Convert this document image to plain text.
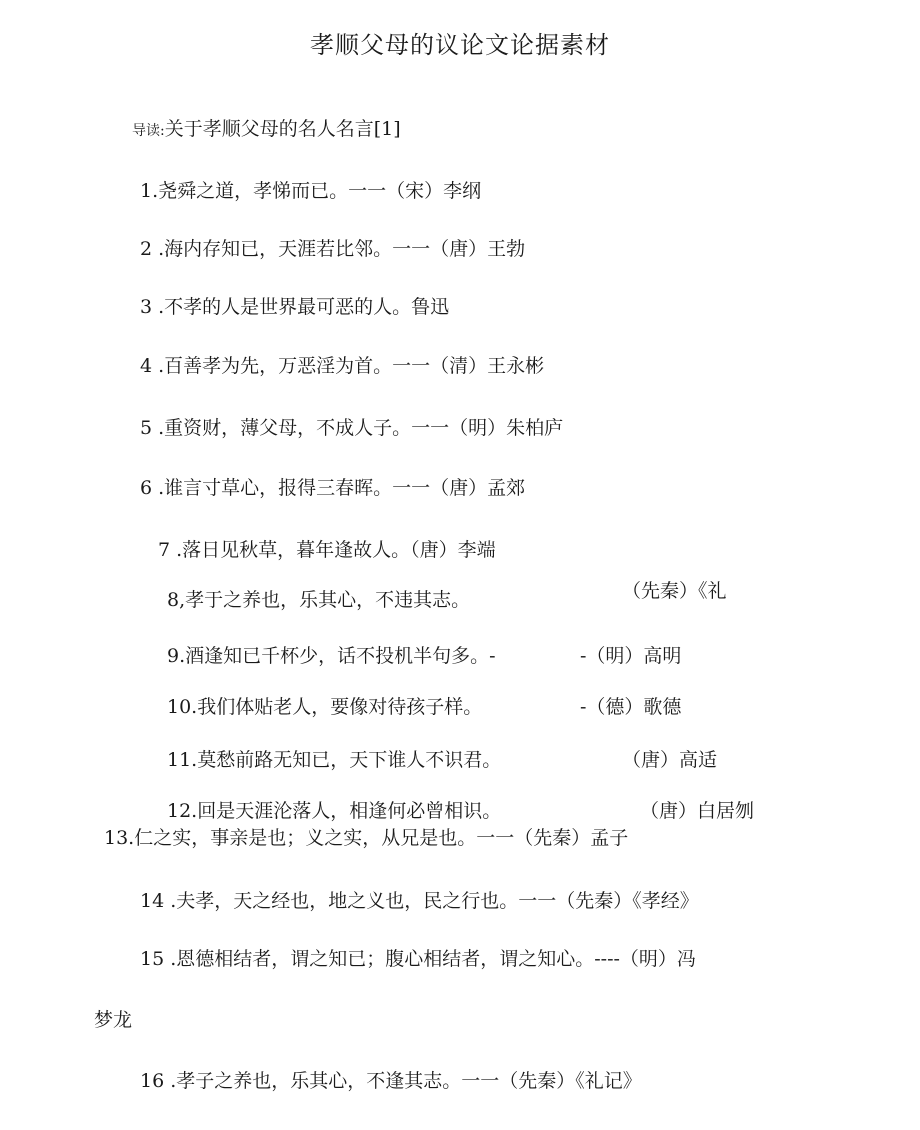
孝顺父母的议论文论据素材
导读:关于孝顺父母的名人名言[1]
1.尧舜之道，孝悌而已。一一（宋）李纲
2 .海内存知已，天涯若比邻。一一（唐）王勃
3 .不孝的人是世界最可恶的人。鲁迅
4 .百善孝为先，万恶淫为首。一一（清）王永彬
5 .重资财，薄父母，不成人子。一一（明）朱柏庐
6 .谁言寸草心，报得三春晖。一一（唐）孟郊
7 .落日见秋草，暮年逢故人。（唐）李端
8,孝于之养也，乐其心，不违其志。	（先秦）《礼
9.酒逢知已千杯少，话不投机半句多。-	-（明）高明
10.我们体贴老人，要像对待孩子样。	-（德）歌德
11.莫愁前路无知已，天下谁人不识君。	（唐）高适
12.回是天涯沦落人，相逢何必曾相识。	（唐）白居刎
13.仁之实，事亲是也；义之实，从兄是也。一一（先秦）孟子
14 .夫孝，天之经也，地之义也，民之行也。一一（先秦）《孝经》
15 .恩德相结者，谓之知已；腹心相结者，谓之知心。----（明）冯
梦龙
16 .孝子之养也，乐其心，不逢其志。一一（先秦）《礼记》
